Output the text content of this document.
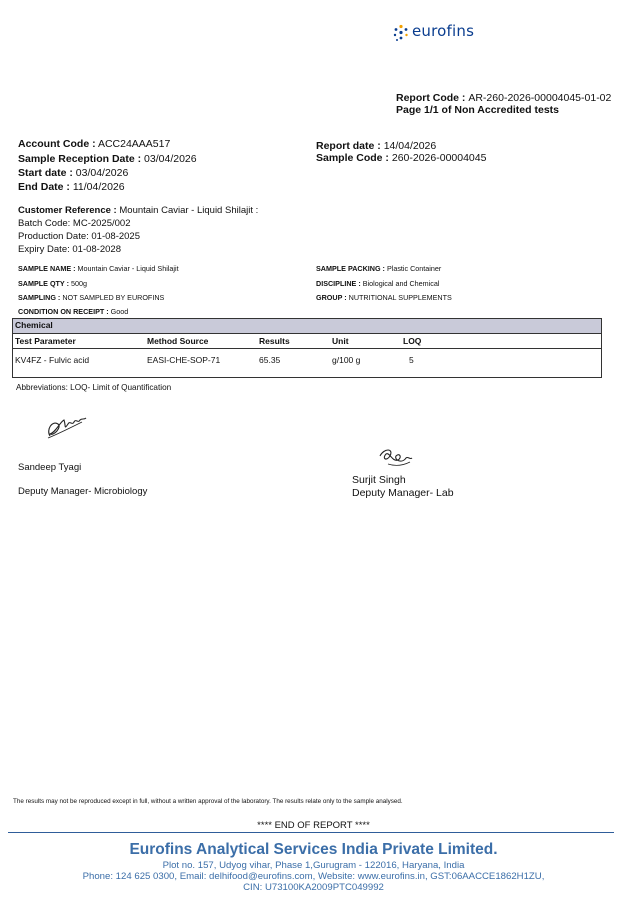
eurofins
Report Code : AR-260-2026-00004045-01-02
Page 1/1 of Non Accredited tests
Account Code : ACC24AAA517
Sample Reception Date : 03/04/2026
Start date : 03/04/2026
End Date : 11/04/2026
Report date : 14/04/2026
Sample Code : 260-2026-00004045
Customer Reference : Mountain Caviar - Liquid Shilajit :
Batch Code: MC-2025/002
Production Date: 01-08-2025
Expiry Date: 01-08-2028
SAMPLE NAME : Mountain Caviar - Liquid Shilajit	SAMPLE PACKING : Plastic Container
SAMPLE QTY : 500g	DISCIPLINE : Biological and Chemical
SAMPLING : NOT SAMPLED BY EUROFINS	GROUP : NUTRITIONAL SUPPLEMENTS
CONDITION ON RECEIPT : Good
Chemical
Test Parameter	Method Source	Results	Unit	LOQ
KV4FZ - Fulvic acid	EASI-CHE-SOP-71	65.35	g/100 g	5
Abbreviations: LOQ- Limit of Quantification
Sandeep Tyagi
Deputy Manager- Microbiology
Surjit Singh
Deputy Manager- Lab
The results may not be reproduced except in full, without a written approval of the laboratory. The results relate only to the sample analysed.
**** END OF REPORT ****
Eurofins Analytical Services India Private Limited.
Plot no. 157, Udyog vihar, Phase 1,Gurugram - 122016, Haryana, India
Phone: 124 625 0300, Email: delhifood@eurofins.com, Website: www.eurofins.in, GST:06AACCE1862H1ZU,
CIN: U73100KA2009PTC049992
